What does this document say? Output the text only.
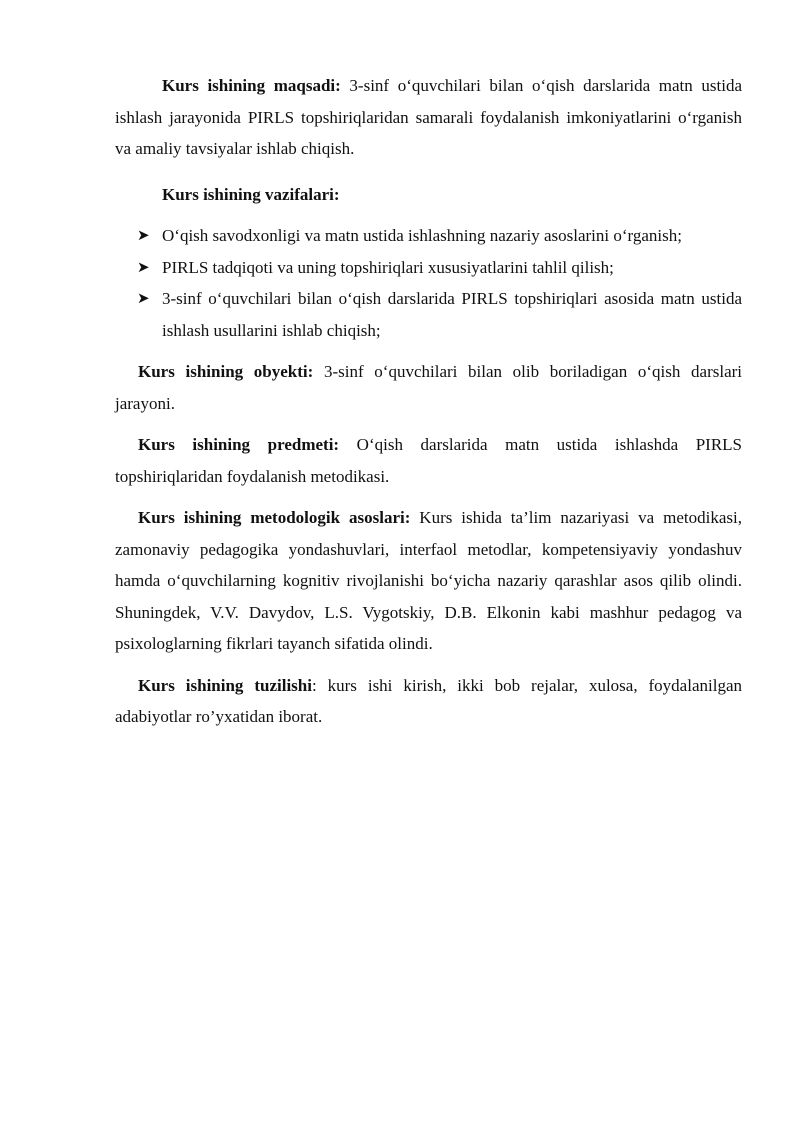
Kurs ishining maqsadi: 3-sinf o‘quvchilari bilan o‘qish darslarida matn ustida ishlash jarayonida PIRLS topshiriqlaridan samarali foydalanish imkoniyatlarini o‘rganish va amaliy tavsiyalar ishlab chiqish.

Kurs ishining vazifalari:

➤ O‘qish savodxonligi va matn ustida ishlashning nazariy asoslarini o‘rganish;
➤ PIRLS tadqiqoti va uning topshiriqlari xususiyatlarini tahlil qilish;
➤ 3-sinf o‘quvchilari bilan o‘qish darslarida PIRLS topshiriqlari asosida matn ustida ishlash usullarini ishlab chiqish;

Kurs ishining obyekti: 3-sinf o‘quvchilari bilan olib boriladigan o‘qish darslari jarayoni.

Kurs ishining predmeti: O‘qish darslarida matn ustida ishlashda PIRLS topshiriqlaridan foydalanish metodikasi.

Kurs ishining metodologik asoslari: Kurs ishida ta’lim nazariyasi va metodikasi, zamonaviy pedagogika yondashuvlari, interfaol metodlar, kompetensiyaviy yondashuv hamda o‘quvchilarning kognitiv rivojlanishi bo‘yicha nazariy qarashlar asos qilib olindi. Shuningdek, V.V. Davydov, L.S. Vygotskiy, D.B. Elkonin kabi mashhur pedagog va psixologlarning fikrlari tayanch sifatida olindi.

Kurs ishining tuzilishi: kurs ishi kirish, ikki bob rejalar, xulosa, foydalanilgan adabiyotlar ro’yxatidan iborat.
